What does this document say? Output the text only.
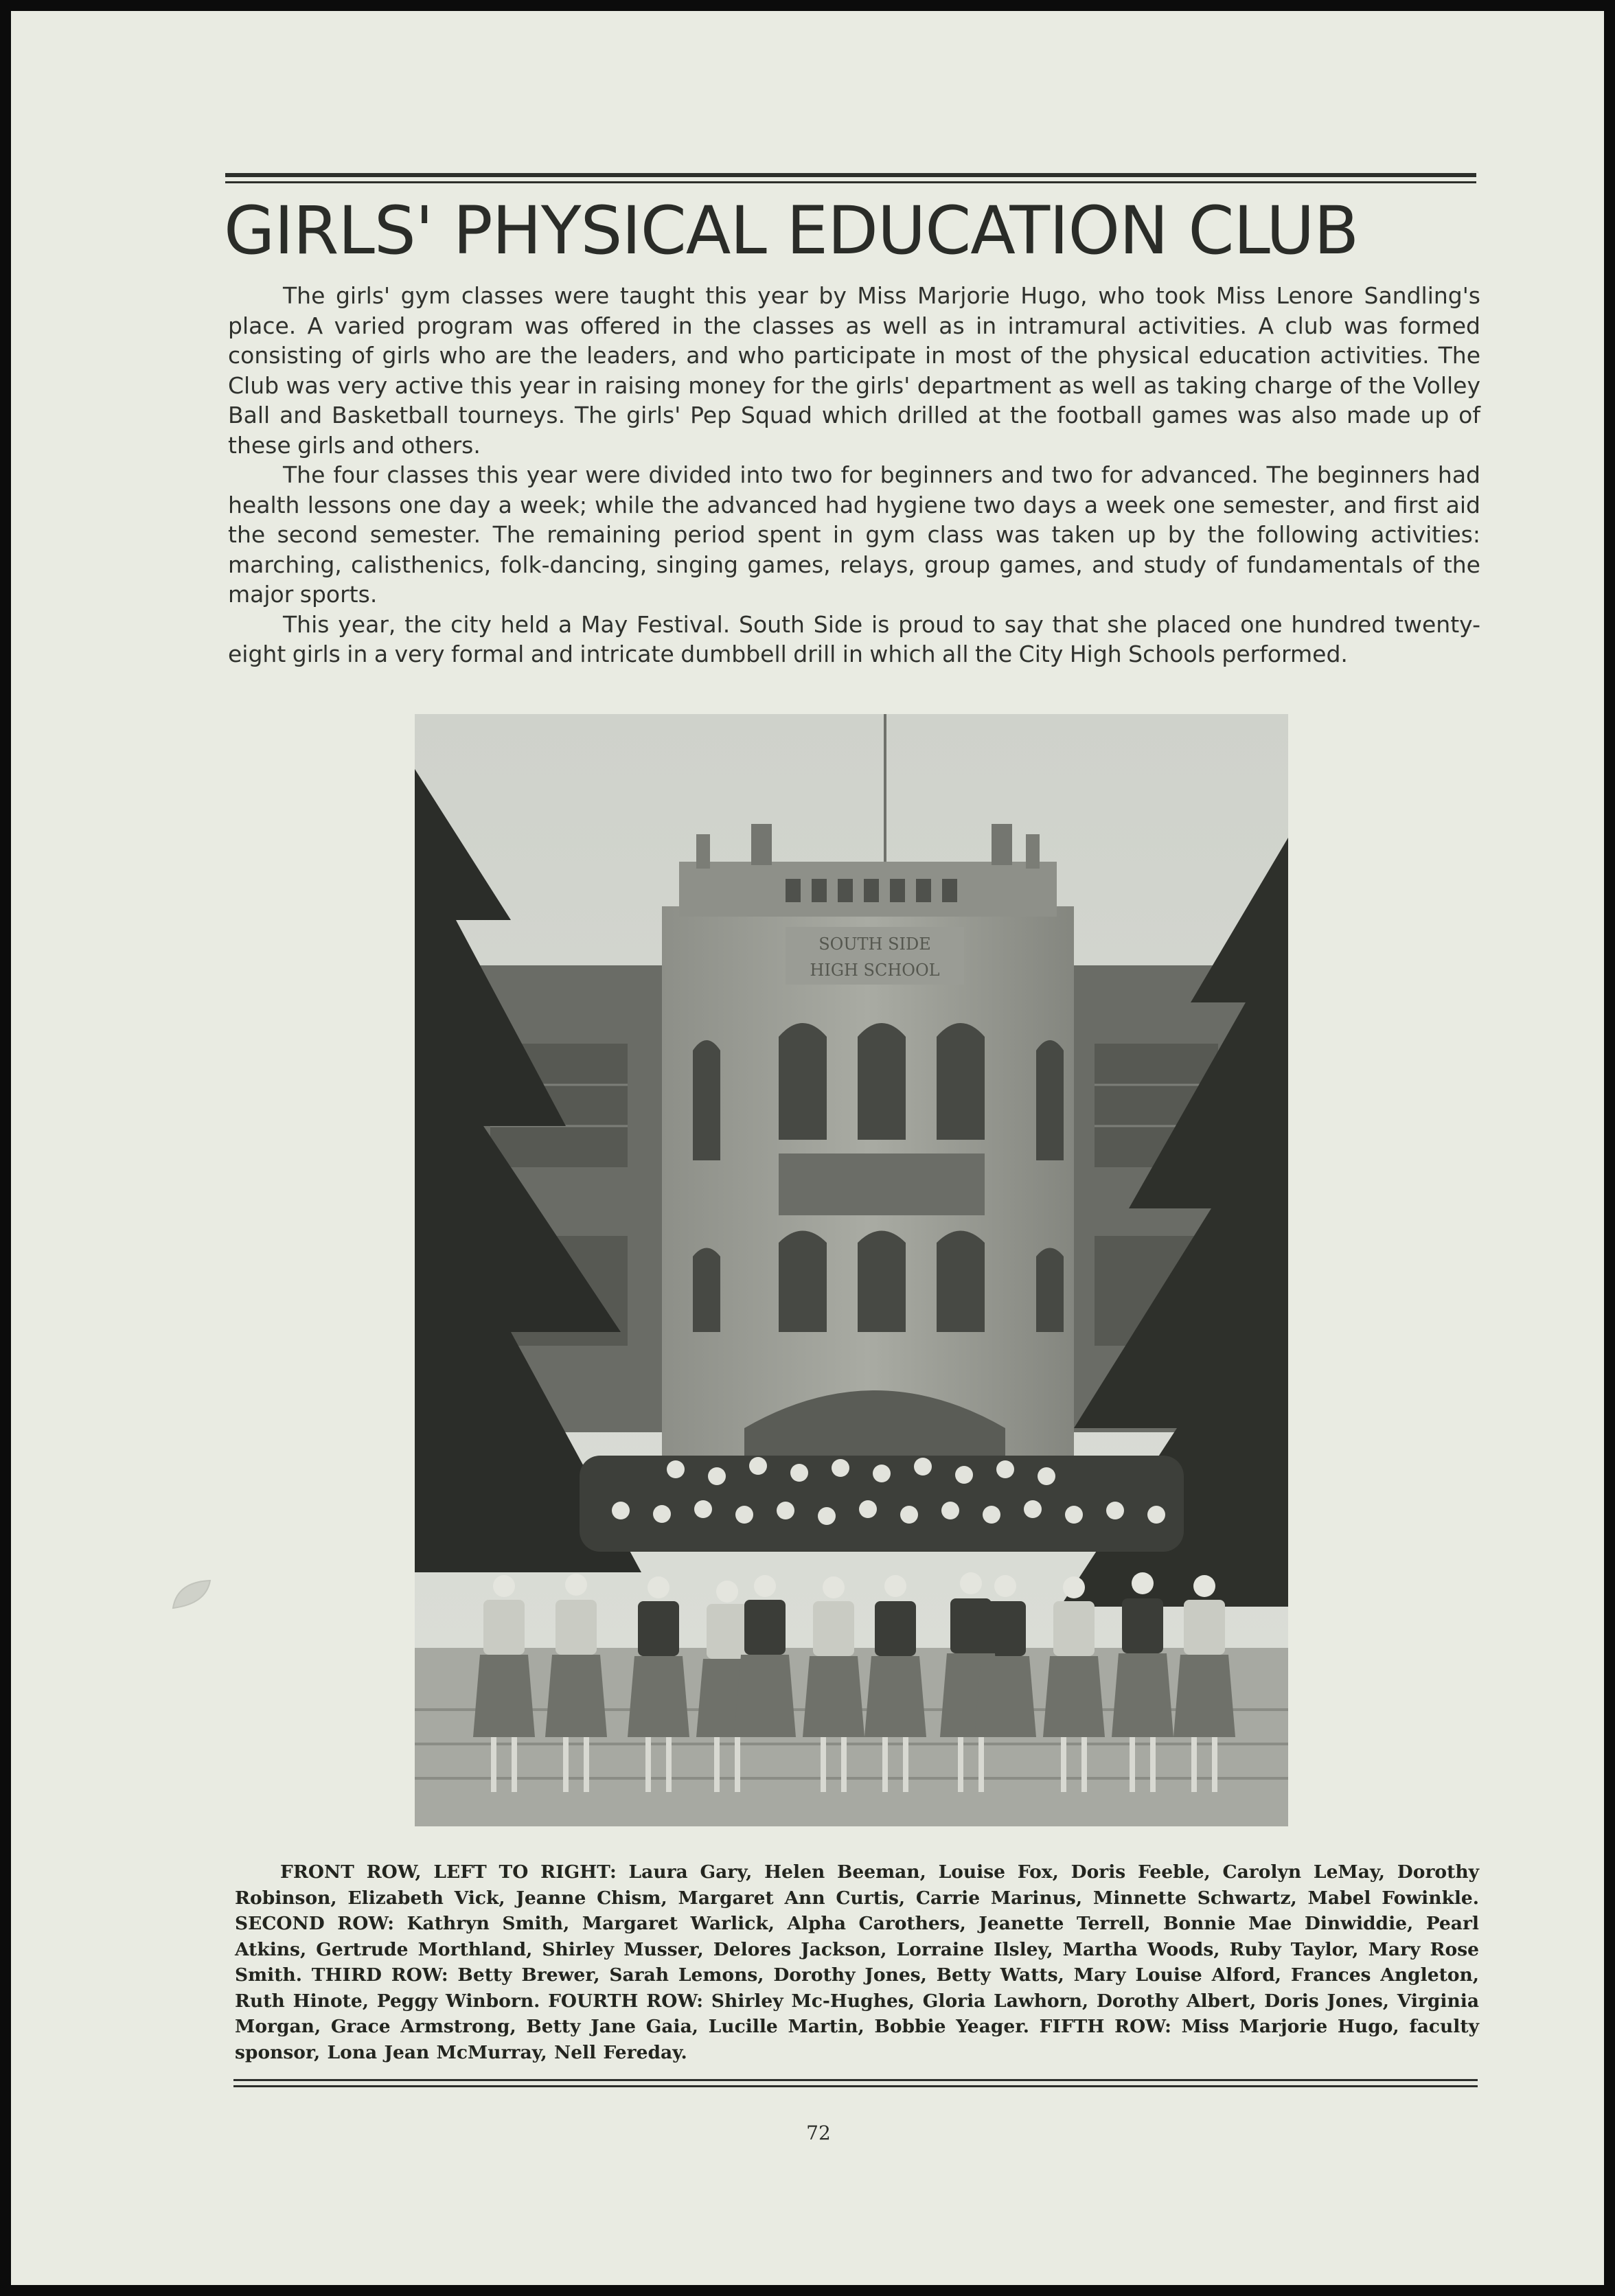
GIRLS' PHYSICAL EDUCATION CLUB

The girls' gym classes were taught this year by Miss Marjorie Hugo, who took Miss Lenore Sandling's place. A varied program was offered in the classes as well as in intramural activities. A club was formed consisting of girls who are the leaders, and who participate in most of the physical education activities. The Club was very active this year in raising money for the girls' department as well as taking charge of the Volley Ball and Basketball tourneys. The girls' Pep Squad which drilled at the football games was also made up of these girls and others.

The four classes this year were divided into two for beginners and two for advanced. The beginners had health lessons one day a week; while the advanced had hygiene two days a week one semester, and first aid the second semester. The remaining period spent in gym class was taken up by the following activities: marching, calisthenics, folk-dancing, singing games, relays, group games, and study of fundamentals of the major sports.

This year, the city held a May Festival. South Side is proud to say that she placed one hundred twenty-eight girls in a very formal and intricate dumbbell drill in which all the City High Schools performed.

SOUTH SIDE
HIGH SCHOOL
FRONT ROW, LEFT TO RIGHT: Laura Gary, Helen Beeman, Louise Fox, Doris Feeble, Carolyn LeMay, Dorothy Robinson, Elizabeth Vick, Jeanne Chism, Margaret Ann Curtis, Carrie Marinus, Minnette Schwartz, Mabel Fowinkle. SECOND ROW: Kathryn Smith, Margaret Warlick, Alpha Carothers, Jeanette Terrell, Bonnie Mae Dinwiddie, Pearl Atkins, Gertrude Morthland, Shirley Musser, Delores Jackson, Lorraine Ilsley, Martha Woods, Ruby Taylor, Mary Rose Smith. THIRD ROW: Betty Brewer, Sarah Lemons, Dorothy Jones, Betty Watts, Mary Louise Alford, Frances Angleton, Ruth Hinote, Peggy Winborn. FOURTH ROW: Shirley Mc-Hughes, Gloria Lawhorn, Dorothy Albert, Doris Jones, Virginia Morgan, Grace Armstrong, Betty Jane Gaia, Lucille Martin, Bobbie Yeager. FIFTH ROW: Miss Marjorie Hugo, faculty sponsor, Lona Jean McMurray, Nell Fereday.
72
